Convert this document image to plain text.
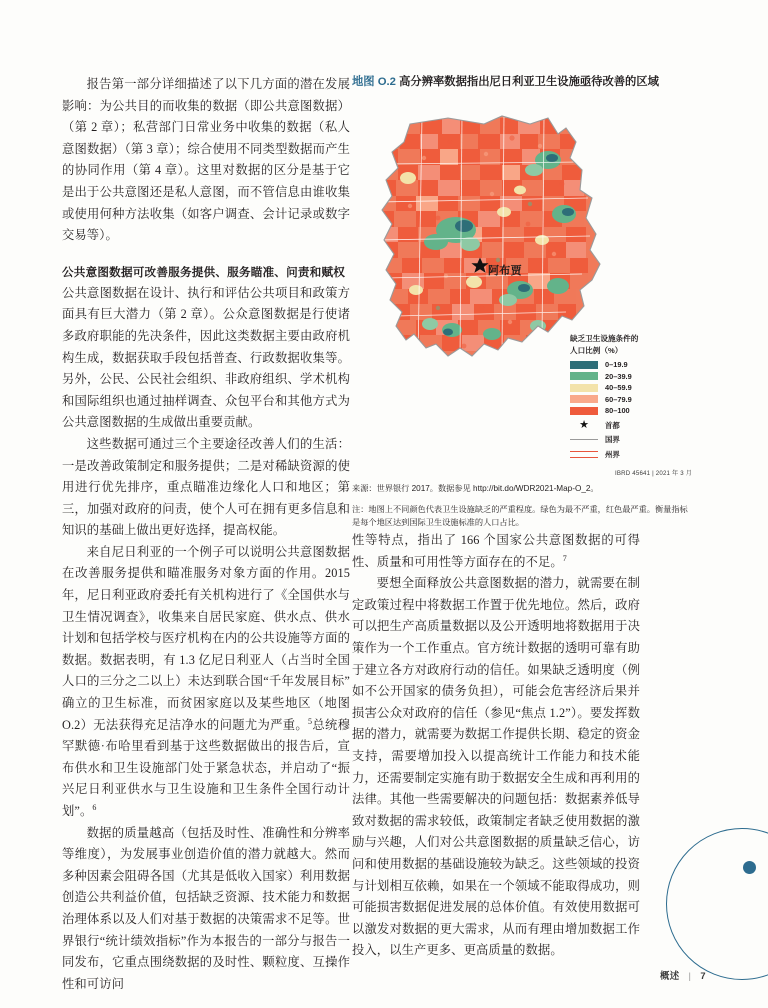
报告第一部分详细描述了以下几方面的潜在发展影响：为公共目的而收集的数据（即公共意图数据）（第 2 章）；私营部门日常业务中收集的数据（私人意图数据）（第 3 章）；综合使用不同类型数据而产生的协同作用（第 4 章）。这里对数据的区分是基于它是出于公共意图还是私人意图，而不管信息由谁收集或使用何种方法收集（如客户调查、会计记录或数字交易等）。

公共意图数据可改善服务提供、服务瞄准、问责和赋权

公共意图数据在设计、执行和评估公共项目和政策方面具有巨大潜力（第 2 章）。公众意图数据是行使诸多政府职能的先决条件，因此这类数据主要由政府机构生成，数据获取手段包括普查、行政数据收集等。另外，公民、公民社会组织、非政府组织、学术机构和国际组织也通过抽样调查、众包平台和其他方式为公共意图数据的生成做出重要贡献。

这些数据可通过三个主要途径改善人们的生活：一是改善政策制定和服务提供；二是对稀缺资源的使用进行优先排序，重点瞄准边缘化人口和地区；第三，加强对政府的问责，使个人可在拥有更多信息和知识的基础上做出更好选择，提高权能。

来自尼日利亚的一个例子可以说明公共意图数据在改善服务提供和瞄准服务对象方面的作用。2015 年，尼日利亚政府委托有关机构进行了《全国供水与卫生情况调查》，收集来自居民家庭、供水点、供水计划和包括学校与医疗机构在内的公共设施等方面的数据。数据表明，有 1.3 亿尼日利亚人（占当时全国人口的三分之二以上）未达到联合国“千年发展目标”确立的卫生标准，而贫困家庭以及某些地区（地图 O.2）无法获得充足洁净水的问题尤为严重。$^5$总统穆罕默德·布哈里看到基于这些数据做出的报告后，宣布供水和卫生设施部门处于紧急状态，并启动了“振兴尼日利亚供水与卫生设施和卫生条件全国行动计划”。$^6$

数据的质量越高（包括及时性、准确性和分辨率等维度），为发展事业创造价值的潜力就越大。然而多种因素会阻碍各国（尤其是低收入国家）利用数据创造公共利益价值，包括缺乏资源、技术能力和数据治理体系以及人们对基于数据的决策需求不足等。世界银行“统计绩效指标”作为本报告的一部分与报告一同发布，它重点围绕数据的及时性、颗粒度、互操作性和可访问

地图 O.2 高分辨率数据指出尼日利亚卫生设施亟待改善的区域
阿布贾
缺乏卫生设施条件的
人口比例（%）
0–19.9
20–39.9
40–59.9
60–79.9
80–100
★	首都
国界
州界
IBRD 45641 | 2021 年 3 月
来源：世界银行 2017。数据参见 http://bit.do/WDR2021-Map-O_2。
注：地图上不同颜色代表卫生设施缺乏的严重程度。绿色为最不严重，红色最严重。衡量指标是每个地区达到国际卫生设施标准的人口占比。

性等特点，指出了 166 个国家公共意图数据的可得性、质量和可用性等方面存在的不足。$^7$

要想全面释放公共意图数据的潜力，就需要在制定政策过程中将数据工作置于优先地位。然后，政府可以把生产高质量数据以及公开透明地将数据用于决策作为一个工作重点。官方统计数据的透明可靠有助于建立各方对政府行动的信任。如果缺乏透明度（例如不公开国家的债务负担），可能会危害经济后果并损害公众对政府的信任（参见“焦点 1.2”）。要发挥数据的潜力，就需要为数据工作提供长期、稳定的资金支持，需要增加投入以提高统计工作能力和技术能力，还需要制定实施有助于数据安全生成和再利用的法律。其他一些需要解决的问题包括：数据素养低导致对数据的需求较低，政策制定者缺乏使用数据的激励与兴趣，人们对公共意图数据的质量缺乏信心，访问和使用数据的基础设施较为缺乏。这些领域的投资与计划相互依赖，如果在一个领域不能取得成功，则可能损害数据促进发展的总体价值。有效使用数据可以激发对数据的更大需求，从而有理由增加数据工作投入，以生产更多、更高质量的数据。

概述 | 7
